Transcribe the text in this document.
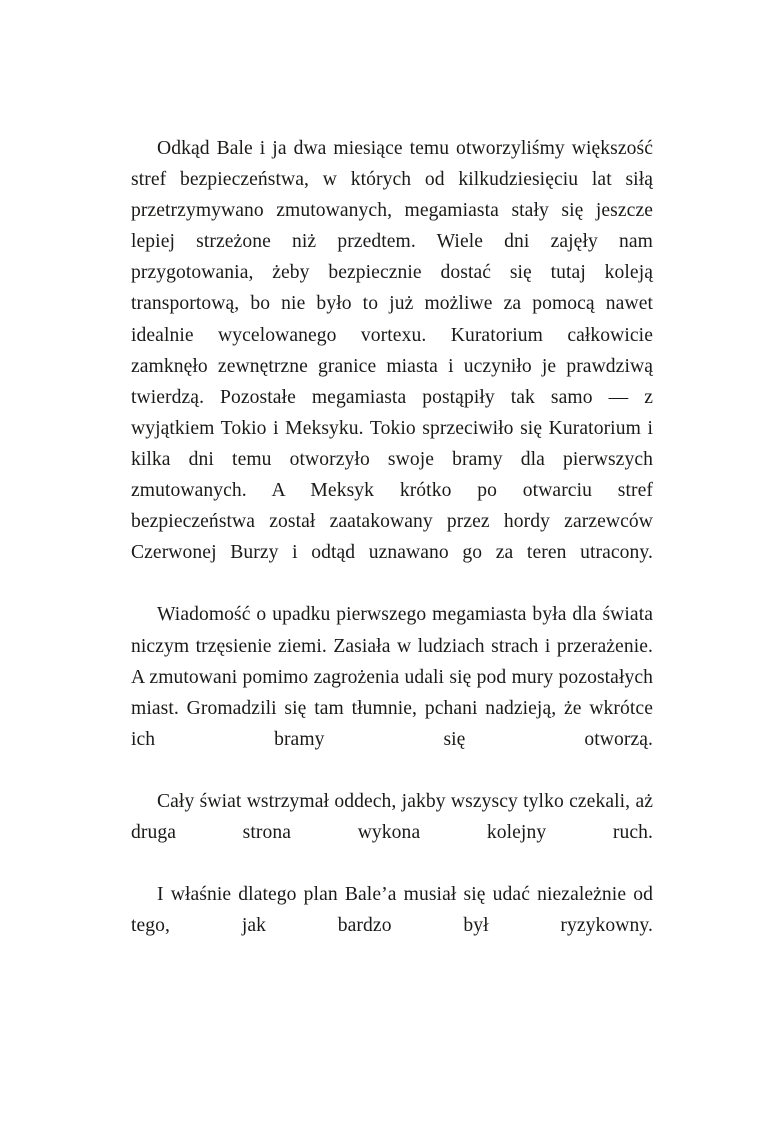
Odkąd Bale i ja dwa miesiące temu otworzyliśmy większość stref bezpieczeństwa, w których od kilkudziesięciu lat siłą przetrzymywano zmutowanych, megamiasta stały się jeszcze lepiej strzeżone niż przedtem. Wiele dni zajęły nam przygotowania, żeby bezpiecznie dostać się tutaj koleją transportową, bo nie było to już możliwe za pomocą nawet idealnie wycelowanego vortexu. Kuratorium całkowicie zamknęło zewnętrzne granice miasta i uczyniło je prawdziwą twierdzą. Pozostałe megamiasta postąpiły tak samo — z wyjątkiem Tokio i Meksyku. Tokio sprzeciwiło się Kuratorium i kilka dni temu otworzyło swoje bramy dla pierwszych zmutowanych. A Meksyk krótko po otwarciu stref bezpieczeństwa został zaatakowany przez hordy zarzewców Czerwonej Burzy i odtąd uznawano go za teren utracony.

Wiadomość o upadku pierwszego megamiasta była dla świata niczym trzęsienie ziemi. Zasiała w ludziach strach i przerażenie. A zmutowani pomimo zagrożenia udali się pod mury pozostałych miast. Gromadzili się tam tłumnie, pchani nadzieją, że wkrótce ich bramy się otworzą.

Cały świat wstrzymał oddech, jakby wszyscy tylko czekali, aż druga strona wykona kolejny ruch.

I właśnie dlatego plan Bale’a musiał się udać niezależnie od tego, jak bardzo był ryzykowny.
